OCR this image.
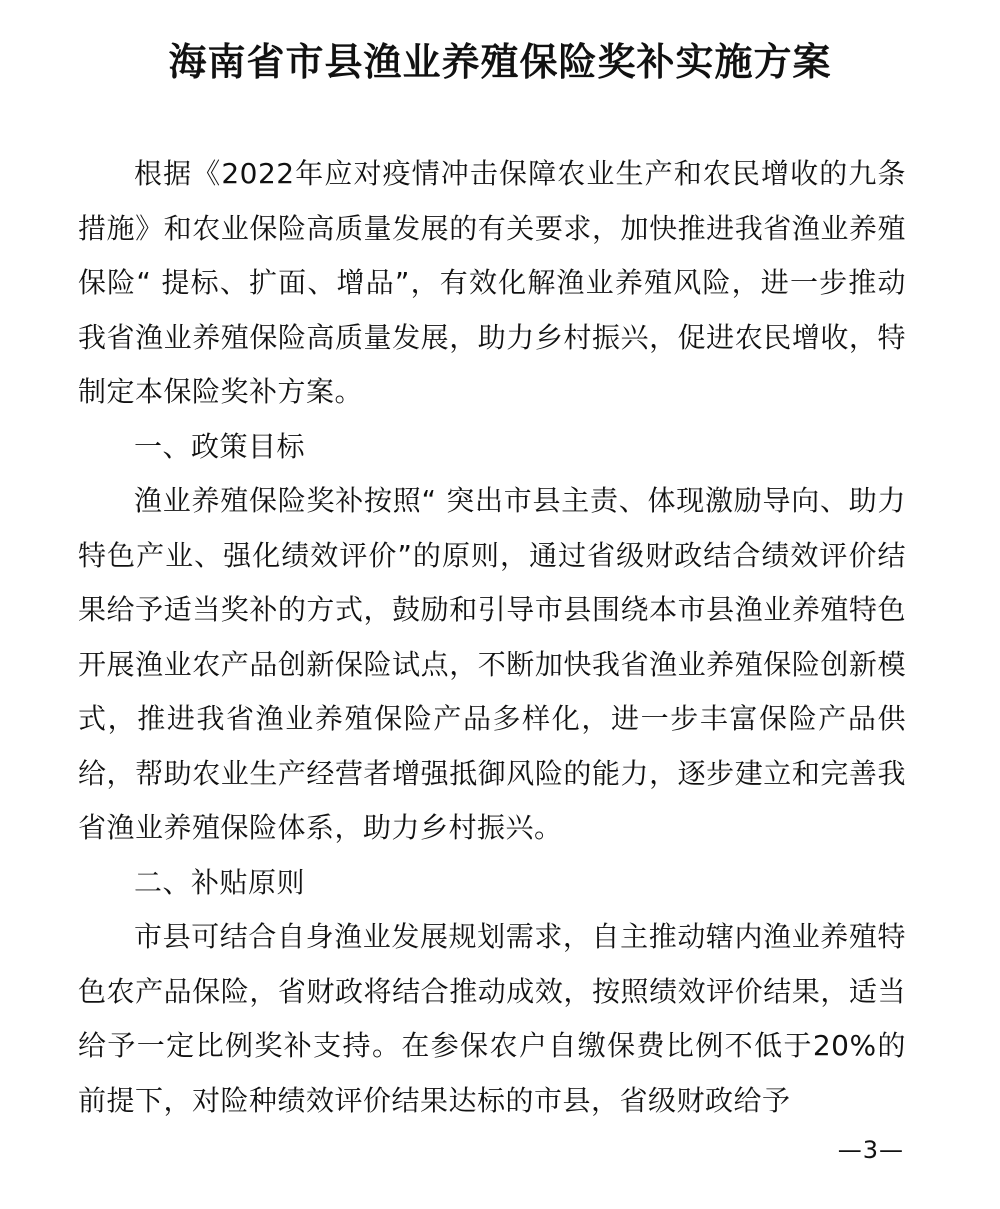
海南省市县渔业养殖保险奖补实施方案

根据《2022年应对疫情冲击保障农业生产和农民增收的九条措施》和农业保险高质量发展的有关要求，加快推进我省渔业养殖保险“ 提标、扩面、增品”，有效化解渔业养殖风险，进一步推动我省渔业养殖保险高质量发展，助力乡村振兴，促进农民增收，特制定本保险奖补方案。

一、政策目标

渔业养殖保险奖补按照“ 突出市县主责、体现激励导向、助力特色产业、强化绩效评价”的原则，通过省级财政结合绩效评价结果给予适当奖补的方式，鼓励和引导市县围绕本市县渔业养殖特色开展渔业农产品创新保险试点，不断加快我省渔业养殖保险创新模式，推进我省渔业养殖保险产品多样化，进一步丰富保险产品供给，帮助农业生产经营者增强抵御风险的能力，逐步建立和完善我省渔业养殖保险体系，助力乡村振兴。

二、补贴原则

市县可结合自身渔业发展规划需求，自主推动辖内渔业养殖特色农产品保险，省财政将结合推动成效，按照绩效评价结果，适当给予一定比例奖补支持。在参保农户自缴保费比例不低于20%的前提下，对险种绩效评价结果达标的市县，省级财政给予

—3—
